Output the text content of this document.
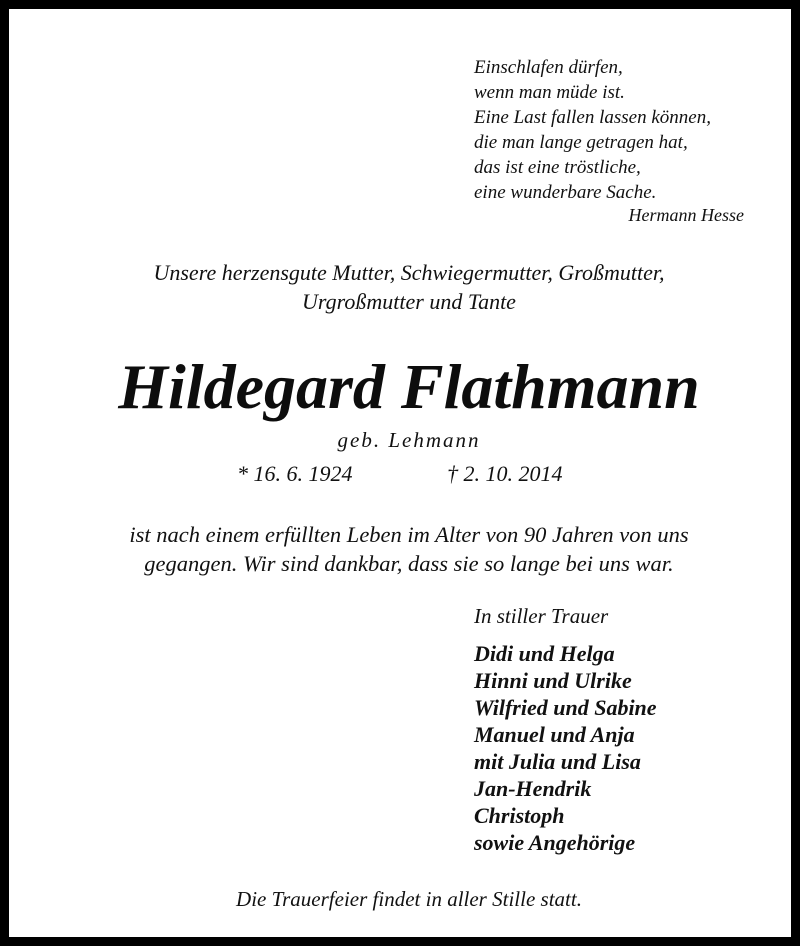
Einschlafen dürfen,
wenn man müde ist.
Eine Last fallen lassen können,
die man lange getragen hat,
das ist eine tröstliche,
eine wunderbare Sache.
Hermann Hesse
Unsere herzensgute Mutter, Schwiegermutter, Großmutter,
Urgroßmutter und Tante
Hildegard Flathmann
geb. Lehmann
* 16. 6. 1924	† 2. 10. 2014
ist nach einem erfüllten Leben im Alter von 90 Jahren von uns
gegangen. Wir sind dankbar, dass sie so lange bei uns war.
In stiller Trauer
Didi und Helga
Hinni und Ulrike
Wilfried und Sabine
Manuel und Anja
mit Julia und Lisa
Jan-Hendrik
Christoph
sowie Angehörige
Die Trauerfeier findet in aller Stille statt.
